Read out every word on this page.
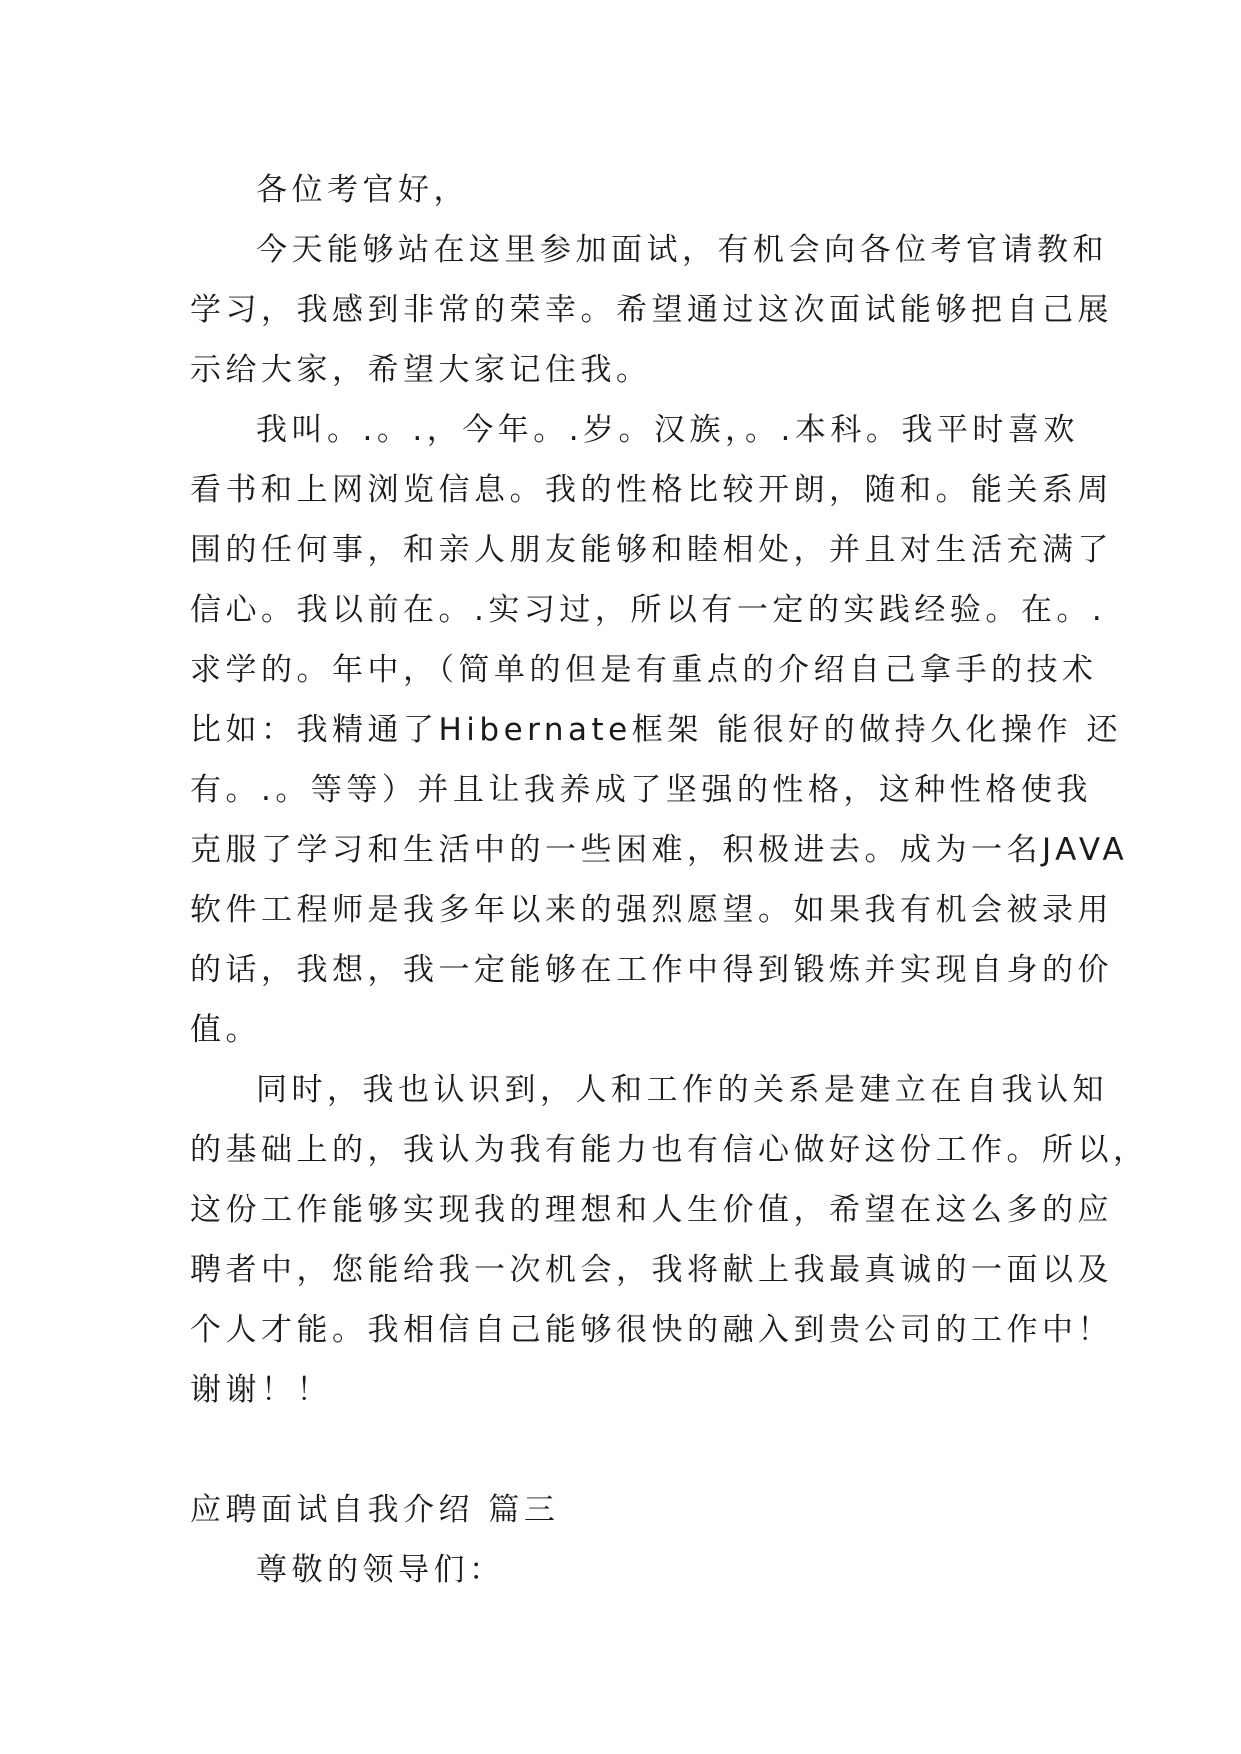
各位考官好，
今天能够站在这里参加面试，有机会向各位考官请教和
学习，我感到非常的荣幸。希望通过这次面试能够把自己展
示给大家，希望大家记住我。
我叫。.。.，今年。.岁。汉族，。.本科。我平时喜欢
看书和上网浏览信息。我的性格比较开朗，随和。能关系周
围的任何事，和亲人朋友能够和睦相处，并且对生活充满了
信心。我以前在。.实习过，所以有一定的实践经验。在。.
求学的。年中，（简单的但是有重点的介绍自己拿手的技术
比如：我精通了Hibernate框架 能很好的做持久化操作 还
有。.。等等）并且让我养成了坚强的性格，这种性格使我
克服了学习和生活中的一些困难，积极进去。成为一名JAVA
软件工程师是我多年以来的强烈愿望。如果我有机会被录用
的话，我想，我一定能够在工作中得到锻炼并实现自身的价
值。
同时，我也认识到，人和工作的关系是建立在自我认知
的基础上的，我认为我有能力也有信心做好这份工作。所以，
这份工作能够实现我的理想和人生价值，希望在这么多的应
聘者中，您能给我一次机会，我将献上我最真诚的一面以及
个人才能。我相信自己能够很快的融入到贵公司的工作中！
谢谢！！
应聘面试自我介绍 篇三
尊敬的领导们：
